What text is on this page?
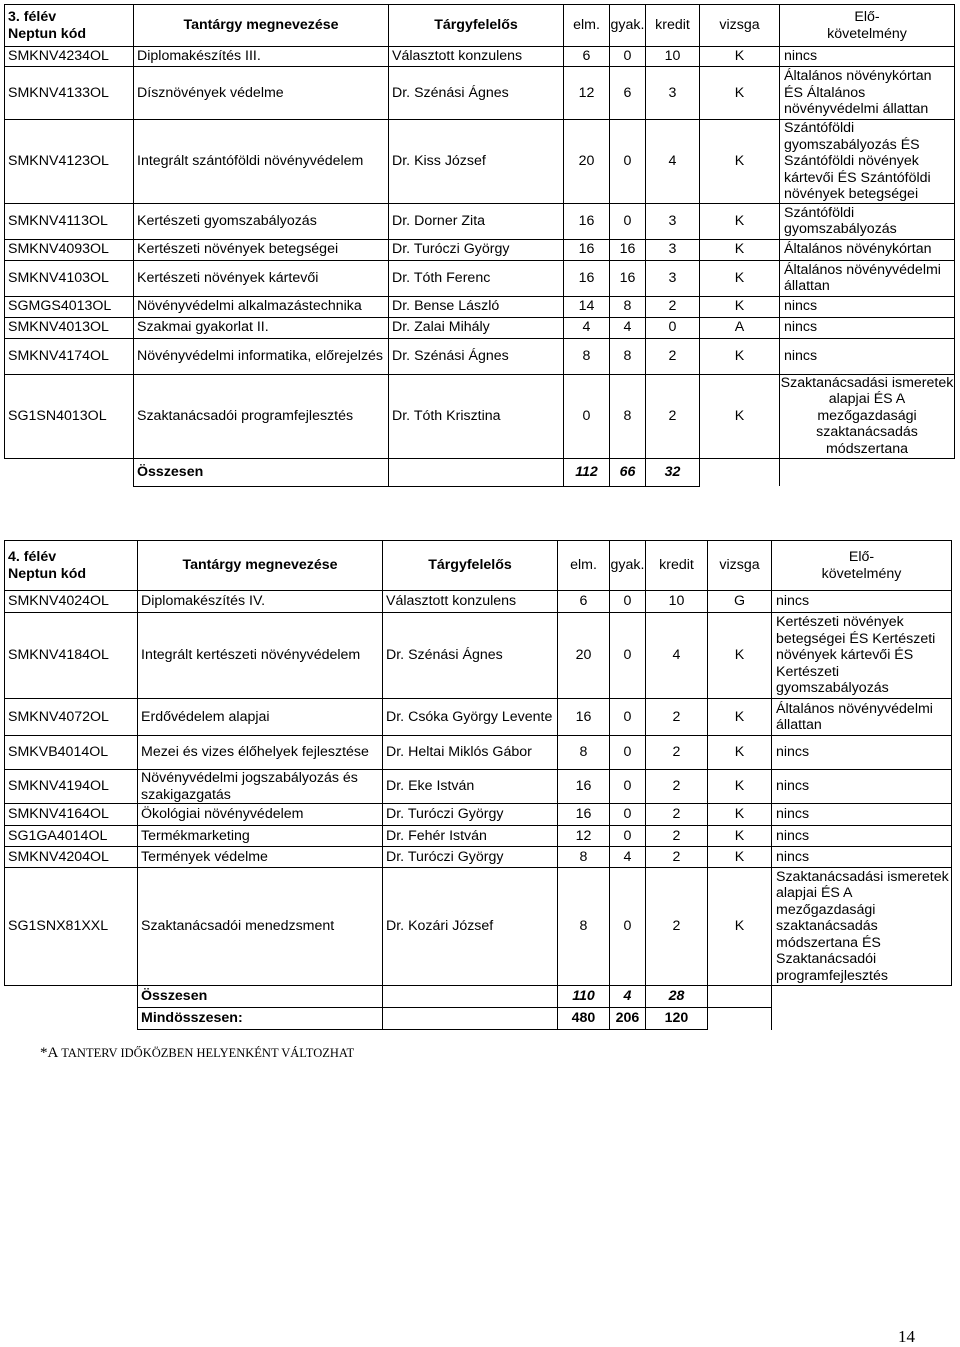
3. félév
Neptun kód	Tantárgy megnevezése	Tárgyfelelős	elm.	gyak.	kredit	vizsga	Elő-
követelmény
SMKNV4234OL	Diplomakészítés III.	Választott konzulens	6	0	10	K	nincs
SMKNV4133OL	Dísznövények védelme	Dr. Szénási Ágnes	12	6	3	K	Általános növénykórtan ÉS Általános növényvédelmi állattan
SMKNV4123OL	Integrált szántóföldi növényvédelem	Dr. Kiss József	20	0	4	K	Szántóföldi gyomszabályozás ÉS Szántóföldi növények kártevői ÉS Szántóföldi növények betegségei
SMKNV4113OL	Kertészeti gyomszabályozás	Dr. Dorner Zita	16	0	3	K	Szántóföldi gyomszabályozás
SMKNV4093OL	Kertészeti növények betegségei	Dr. Turóczi György	16	16	3	K	Általános növénykórtan
SMKNV4103OL	Kertészeti növények kártevői	Dr. Tóth Ferenc	16	16	3	K	Általános növényvédelmi állattan
SGMGS4013OL	Növényvédelmi alkalmazástechnika	Dr. Bense László	14	8	2	K	nincs
SMKNV4013OL	Szakmai gyakorlat II.	Dr. Zalai Mihály	4	4	0	A	nincs
SMKNV4174OL	Növényvédelmi informatika, előrejelzés	Dr. Szénási Ágnes	8	8	2	K	nincs
SG1SN4013OL	Szaktanácsadói programfejlesztés	Dr. Tóth Krisztina	0	8	2	K	Szaktanácsadási ismeretek alapjai ÉS A mezőgazdasági szaktanácsadás módszertana
	Összesen		112	66	32		
4. félév
Neptun kód	Tantárgy megnevezése	Tárgyfelelős	elm.	gyak.	kredit	vizsga	Elő-
követelmény
SMKNV4024OL	Diplomakészítés IV.	Választott konzulens	6	0	10	G	nincs
SMKNV4184OL	Integrált kertészeti növényvédelem	Dr. Szénási Ágnes	20	0	4	K	Kertészeti növények betegségei ÉS Kertészeti növények kártevői ÉS Kertészeti gyomszabályozás
SMKNV4072OL	Erdővédelem alapjai	Dr. Csóka György Levente	16	0	2	K	Általános növényvédelmi állattan
SMKVB4014OL	Mezei és vizes élőhelyek fejlesztése	Dr. Heltai Miklós Gábor	8	0	2	K	nincs
SMKNV4194OL	Növényvédelmi jogszabályozás és szakigazgatás	Dr. Eke István	16	0	2	K	nincs
SMKNV4164OL	Ökológiai növényvédelem	Dr. Turóczi György	16	0	2	K	nincs
SG1GA4014OL	Termékmarketing	Dr. Fehér István	12	0	2	K	nincs
SMKNV4204OL	Termények védelme	Dr. Turóczi György	8	4	2	K	nincs
SG1SNX81XXL	Szaktanácsadói menedzsment	Dr. Kozári József	8	0	2	K	Szaktanácsadási ismeretek alapjai ÉS A mezőgazdasági szaktanácsadás módszertana ÉS Szaktanácsadói programfejlesztés
	Összesen		110	4	28		
	Mindösszesen:		480	206	120		
*A TANTERV IDŐKÖZBEN HELYENKÉNT VÁLTOZHAT
14
